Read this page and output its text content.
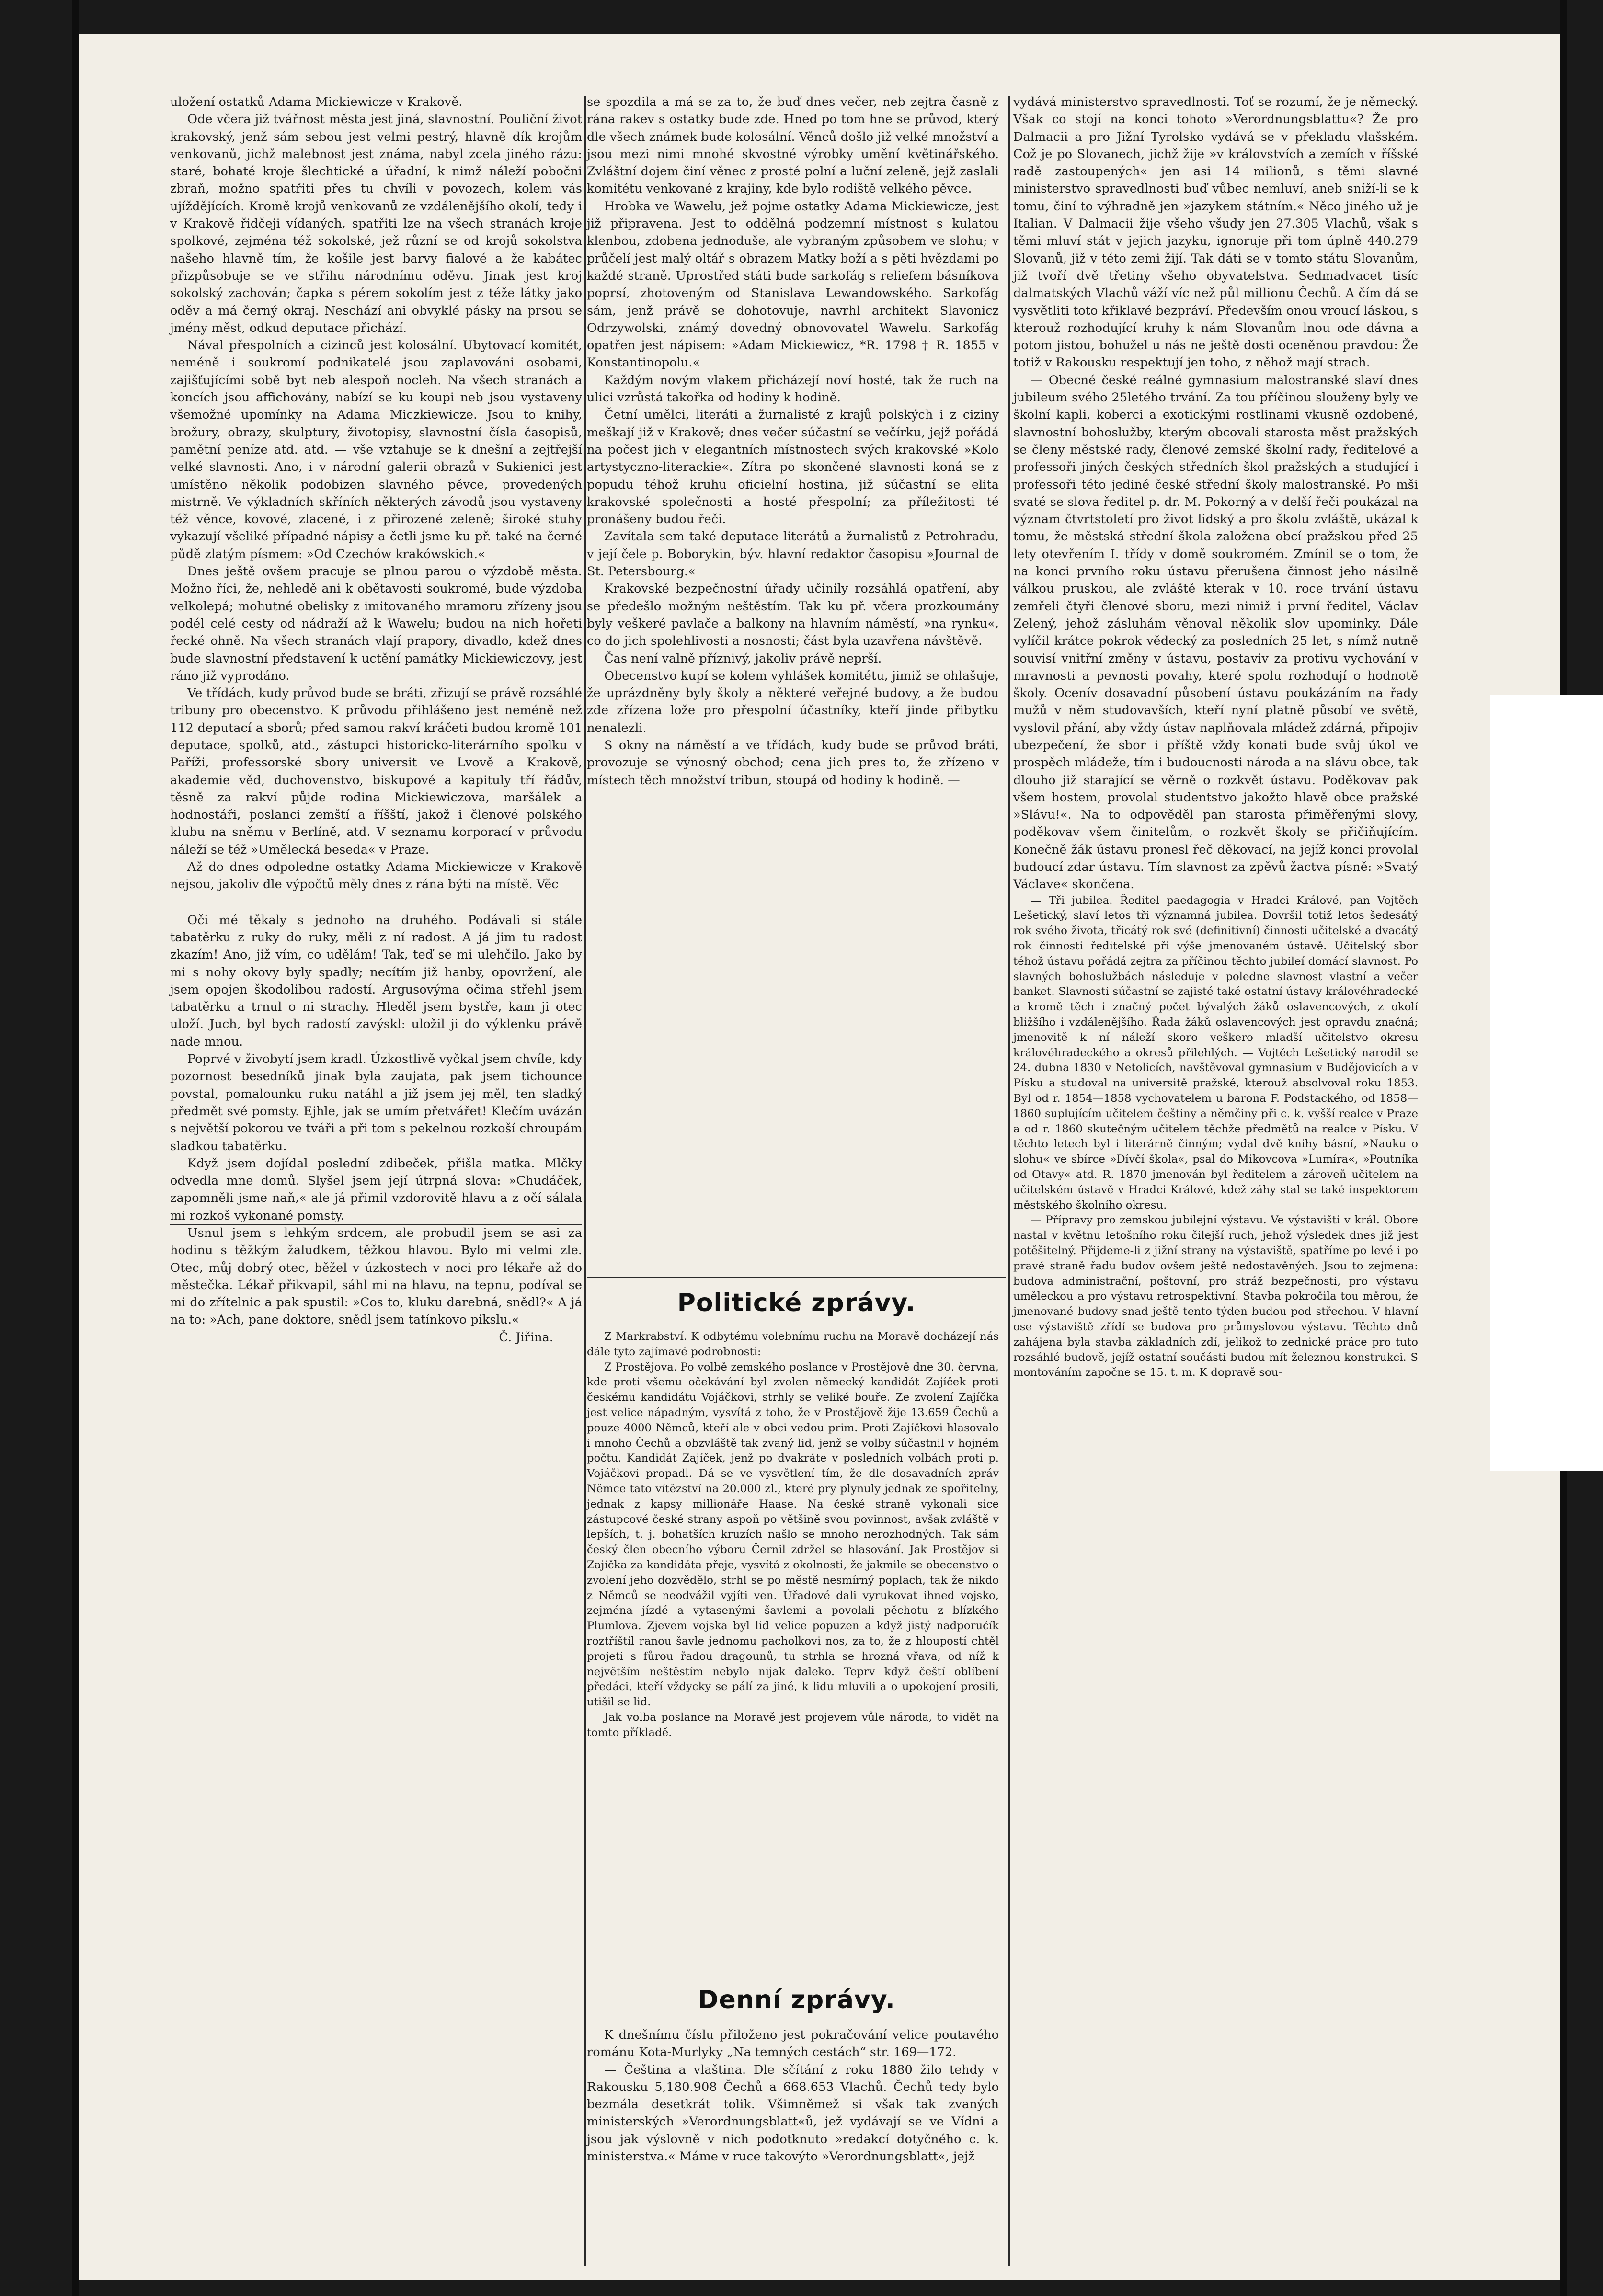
uložení ostatků Adama Mickiewicze v Krakově.

Ode včera již tvářnost města jest jiná, slavnostní. Pouliční život krakovský, jenž sám sebou jest velmi pestrý, hlavně dík krojům venkovanů, jichž malebnost jest známa, nabyl zcela jiného rázu: staré, bohaté kroje šlechtické a úřadní, k nimž náleží pobočni zbraň, možno spatřiti přes tu chvíli v povozech, kolem vás ujíždějících. Kromě krojů venkovanů ze vzdálenějšího okolí, tedy i v Krakově řidčeji vídaných, spatřiti lze na všech stranách kroje spolkové, zejména též sokolské, jež různí se od krojů sokolstva našeho hlavně tím, že košile jest barvy fialové a že kabátec přizpůsobuje se ve střihu národnímu oděvu. Jinak jest kroj sokolský zachován; čapka s pérem sokolím jest z téže látky jako oděv a má černý okraj. Neschází ani obvyklé pásky na prsou se jmény měst, odkud deputace přichází.

Nával přespolních a cizinců jest kolosální. Ubytovací komitét, neméně i soukromí podnikatelé jsou zaplavováni osobami, zajišťujícími sobě byt neb alespoň nocleh. Na všech stranách a koncích jsou affichovány, nabízí se ku koupi neb jsou vystaveny všemožné upomínky na Adama Miczkiewicze. Jsou to knihy, brožury, obrazy, skulptury, životopisy, slavnostní čísla časopisů, pamětní peníze atd. atd. — vše vztahuje se k dnešní a zejtřejší velké slavnosti. Ano, i v národní galerii obrazů v Sukienici jest umístěno několik podobizen slavného pěvce, provedených mistrně. Ve výkladních skříních některých závodů jsou vystaveny též věnce, kovové, zlacené, i z přirozené zeleně; široké stuhy vykazují všeliké případné nápisy a četli jsme ku př. také na černé půdě zlatým písmem: »Od Czechów krakówskich.«

Dnes ještě ovšem pracuje se plnou parou o výzdobě města. Možno říci, že, nehledě ani k obětavosti soukromé, bude výzdoba velkolepá; mohutné obelisky z imitovaného mramoru zřízeny jsou podél celé cesty od nádraží až k Wawelu; budou na nich hořeti řecké ohně. Na všech stranách vlají prapory, divadlo, kdež dnes bude slavnostní představení k uctění památky Mickiewiczovy, jest ráno již vyprodáno.

Ve třídách, kudy průvod bude se bráti, zřizují se právě rozsáhlé tribuny pro obecenstvo. K průvodu přihlášeno jest neméně než 112 deputací a sborů; před samou rakví kráčeti budou kromě 101 deputace, spolků, atd., zástupci historicko-literárního spolku v Paříži, professorské sbory universit ve Lvově a Krakově, akademie věd, duchovenstvo, biskupové a kapituly tří řádův, těsně za rakví půjde rodina Mickiewiczova, maršálek a hodnostáři, poslanci zemští a říšští, jakož i členové polského klubu na sněmu v Berlíně, atd. V seznamu korporací v průvodu náleží se též »Umělecká beseda« v Praze.

Až do dnes odpoledne ostatky Adama Mickiewicze v Krakově nejsou, jakoliv dle výpočtů měly dnes z rána býti na místě. Věc

Oči mé těkaly s jednoho na druhého. Podávali si stále tabatěrku z ruky do ruky, měli z ní radost. A já jim tu radost zkazím! Ano, již vím, co udělám! Tak, teď se mi ulehčilo. Jako by mi s nohy okovy byly spadly; necítím již hanby, opovržení, ale jsem opojen škodolibou radostí. Argusovýma očima střehl jsem tabatěrku a trnul o ni strachy. Hleděl jsem bystře, kam ji otec uloží. Juch, byl bych radostí zavýskl: uložil ji do výklenku právě nade mnou.

Poprvé v živobytí jsem kradl. Úzkostlivě vyčkal jsem chvíle, kdy pozornost besedníků jinak byla zaujata, pak jsem tichounce povstal, pomalounku ruku natáhl a již jsem jej měl, ten sladký předmět své pomsty. Ejhle, jak se umím přetvářet! Klečím uvázán s největší pokorou ve tváři a při tom s pekelnou rozkoší chroupám sladkou tabatěrku.

Když jsem dojídal poslední zdibeček, přišla matka. Mlčky odvedla mne domů. Slyšel jsem její útrpná slova: »Chudáček, zapomněli jsme naň,« ale já přimil vzdorovitě hlavu a z očí sálala mi rozkoš vykonané pomsty.

Usnul jsem s lehkým srdcem, ale probudil jsem se asi za hodinu s těžkým žaludkem, těžkou hlavou. Bylo mi velmi zle. Otec, můj dobrý otec, běžel v úzkostech v noci pro lékaře až do městečka. Lékař přikvapil, sáhl mi na hlavu, na tepnu, podíval se mi do zřítelnic a pak spustil: »Cos to, kluku darebná, snědl?« A já na to: »Ach, pane doktore, snědl jsem tatínkovo pikslu.«

Č. Jiřina.

se spozdila a má se za to, že buď dnes večer, neb zejtra časně z rána rakev s ostatky bude zde. Hned po tom hne se průvod, který dle všech známek bude kolosální. Věnců došlo již velké množství a jsou mezi nimi mnohé skvostné výrobky umění květinářského. Zvláštní dojem činí věnec z prosté polní a luční zeleně, jejž zaslali komitétu venkované z krajiny, kde bylo rodiště velkého pěvce.

Hrobka ve Wawelu, jež pojme ostatky Adama Mickiewicze, jest již připravena. Jest to oddělná podzemní místnost s kulatou klenbou, zdobena jednoduše, ale vybraným způsobem ve slohu; v průčelí jest malý oltář s obrazem Matky boží a s pěti hvězdami po každé straně. Uprostřed státi bude sarkofág s reliefem básníkova poprsí, zhotoveným od Stanislava Lewandowského. Sarkofág sám, jenž právě se dohotovuje, navrhl architekt Slavonicz Odrzywolski, známý dovedný obnovovatel Wawelu. Sarkofág opatřen jest nápisem: »Adam Mickiewicz, *R. 1798 † R. 1855 v Konstantinopolu.«

Každým novým vlakem přicházejí noví hosté, tak že ruch na ulici vzrůstá takořka od hodiny k hodině.

Četní umělci, literáti a žurnalisté z krajů polských i z ciziny meškají již v Krakově; dnes večer súčastní se večírku, jejž pořádá na počest jich v elegantních místnostech svých krakovské »Kolo artystyczno-literackie«. Zítra po skončené slavnosti koná se z popudu téhož kruhu oficielní hostina, již súčastní se elita krakovské společnosti a hosté přespolní; za příležitosti té pronášeny budou řeči.

Zavítala sem také deputace literátů a žurnalistů z Petrohradu, v její čele p. Boborykin, býv. hlavní redaktor časopisu »Journal de St. Petersbourg.«

Krakovské bezpečnostní úřady učinily rozsáhlá opatření, aby se předešlo možným neštěstím. Tak ku př. včera prozkoumány byly veškeré pavlače a balkony na hlavním náměstí, »na rynku«, co do jich spolehlivosti a nosnosti; část byla uzavřena návštěvě.

Čas není valně příznivý, jakoliv právě neprší.

Obecenstvo kupí se kolem vyhlášek komitétu, jimiž se ohlašuje, že uprázdněny byly školy a některé veřejné budovy, a že budou zde zřízena lože pro přespolní účastníky, kteří jinde přibytku nenalezli.

S okny na náměstí a ve třídách, kudy bude se průvod bráti, provozuje se výnosný obchod; cena jich pres to, že zřízeno v místech těch množství tribun, stoupá od hodiny k hodině. —

Politické zprávy.

Z Markrabství. K odbytému volebnímu ruchu na Moravě docházejí nás dále tyto zajímavé podrobnosti:

Z Prostějova. Po volbě zemského poslance v Prostějově dne 30. června, kde proti všemu očekávání byl zvolen německý kandidát Zajíček proti českému kandidátu Vojáčkovi, strhly se veliké bouře. Ze zvolení Zajíčka jest velice nápadným, vysvítá z toho, že v Prostějově žije 13.659 Čechů a pouze 4000 Němců, kteří ale v obci vedou prim. Proti Zajíčkovi hlasovalo i mnoho Čechů a obzvláště tak zvaný lid, jenž se volby súčastnil v hojném počtu. Kandidát Zajíček, jenž po dvakráte v posledních volbách proti p. Vojáčkovi propadl. Dá se ve vysvětlení tím, že dle dosavadních zpráv Němce tato vítězství na 20.000 zl., které pry plynuly jednak ze spořitelny, jednak z kapsy millionáře Haase. Na české straně vykonali sice zástupcové české strany aspoň po většině svou povinnost, avšak zvláště v lepších, t. j. bohatších kruzích našlo se mnoho nerozhodných. Tak sám český člen obecního výboru Černil zdržel se hlasování. Jak Prostějov si Zajíčka za kandidáta přeje, vysvítá z okolnosti, že jakmile se obecenstvo o zvolení jeho dozvědělo, strhl se po městě nesmírný poplach, tak že nikdo z Němců se neodvážil vyjíti ven. Úřadové dali vyrukovat ihned vojsko, zejména jízdé a vytasenými šavlemi a povolali pěchotu z blízkého Plumlova. Zjevem vojska byl lid velice popuzen a když jistý nadporučík roztříštil ranou šavle jednomu pacholkovi nos, za to, že z hloupostí chtěl projeti s fůrou řadou dragounů, tu strhla se hrozná vřava, od níž k největším neštěstím nebylo nijak daleko. Teprv když čeští oblíbení předáci, kteří vždycky se pálí za jiné, k lidu mluvili a o upokojení prosili, utišil se lid.

Jak volba poslance na Moravě jest projevem vůle národa, to vidět na tomto příkladě.

Denní zprávy.

K dnešnímu číslu přiloženo jest pokračování velice poutavého románu Kota-Murlyky „Na temných cestách“ str. 169—172.

— Čeština a vlaština. Dle sčítání z roku 1880 žilo tehdy v Rakousku 5,180.908 Čechů a 668.653 Vlachů. Čechů tedy bylo bezmála desetkrát tolik. Všimněmež si však tak zvaných ministerských »Verordnungsblatt«ů, jež vydávají se ve Vídni a jsou jak výslovně v nich podotknuto »redakcí dotyčného c. k. ministerstva.« Máme v ruce takovýto »Verordnungsblatt«, jejž

vydává ministerstvo spravedlnosti. Toť se rozumí, že je německý. Však co stojí na konci tohoto »Verordnungsblattu«? Že pro Dalmacii a pro Jižní Tyrolsko vydává se v překladu vlašském. Což je po Slovanech, jichž žije »v královstvích a zemích v říšské radě zastoupených« jen asi 14 milionů, s těmi slavné ministerstvo spravedlnosti buď vůbec nemluví, aneb sníží-li se k tomu, činí to výhradně jen »jazykem státním.« Něco jiného už je Italian. V Dalmacii žije všeho všudy jen 27.305 Vlachů, však s těmi mluví stát v jejich jazyku, ignoruje při tom úplně 440.279 Slovanů, již v této zemi žijí. Tak dáti se v tomto státu Slovanům, již tvoří dvě třetiny všeho obyvatelstva. Sedmadvacet tisíc dalmatských Vlachů váží víc než půl millionu Čechů. A čím dá se vysvětliti toto křiklavé bezpráví. Především onou vroucí láskou, s kterouž rozhodující kruhy k nám Slovanům lnou ode dávna a potom jistou, bohužel u nás ne ještě dosti oceněnou pravdou: Že totiž v Rakousku respektují jen toho, z něhož mají strach.

— Obecné české reálné gymnasium malostranské slaví dnes jubileum svého 25letého trvání. Za tou příčinou slouženy byly ve školní kapli, koberci a exotickými rostlinami vkusně ozdobené, slavnostní bohoslužby, kterým obcovali starosta měst pražských se členy městské rady, členové zemské školní rady, ředitelové a professoři jiných českých středních škol pražských a studující i professoři této jediné české střední školy malostranské. Po mši svaté se slova ředitel p. dr. M. Pokorný a v delší řeči poukázal na význam čtvrtstoletí pro život lidský a pro školu zvláště, ukázal k tomu, že městská střední škola založena obcí pražskou před 25 lety otevřením I. třídy v domě soukromém. Zmínil se o tom, že na konci prvního roku ústavu přerušena činnost jeho násilně válkou pruskou, ale zvláště kterak v 10. roce trvání ústavu zemřeli čtyři členové sboru, mezi nimiž i první ředitel, Václav Zelený, jehož zásluhám věnoval několik slov upominky. Dále vylíčil krátce pokrok vědecký za posledních 25 let, s nímž nutně souvisí vnitřní změny v ústavu, postaviv za protivu vychování v mravnosti a pevnosti povahy, které spolu rozhodují o hodnotě školy. Ocenív dosavadní působení ústavu poukázáním na řady mužů v něm studovavších, kteří nyní platně působí ve světě, vyslovil přání, aby vždy ústav naplňovala mládež zdárná, připojiv ubezpečení, že sbor i příště vždy konati bude svůj úkol ve prospěch mládeže, tím i budoucnosti národa a na slávu obce, tak dlouho již starající se věrně o rozkvět ústavu. Poděkovav pak všem hostem, provolal studentstvo jakožto hlavě obce pražské »Slávu!«. Na to odpověděl pan starosta přiměřenými slovy, poděkovav všem činitelům, o rozkvět školy se přičiňujícím. Konečně žák ústavu pronesl řeč děkovací, na jejíž konci provolal budoucí zdar ústavu. Tím slavnost za zpěvů žactva písně: »Svatý Václave« skončena.

— Tři jubilea. Ředitel paedagogia v Hradci Králové, pan Vojtěch Lešetický, slaví letos tři významná jubilea. Dovršil totiž letos šedesátý rok svého života, třicátý rok své (definitivní) činnosti učitelské a dvacátý rok činnosti ředitelské při výše jmenovaném ústavě. Učitelský sbor téhož ústavu pořádá zejtra za příčinou těchto jubileí domácí slavnost. Po slavných bohoslužbách následuje v poledne slavnost vlastní a večer banket. Slavnosti súčastní se zajisté také ostatní ústavy královéhradecké a kromě těch i značný počet bývalých žáků oslavencových, z okolí bližšího i vzdálenějšího. Řada žáků oslavencových jest opravdu značná; jmenovitě k ní náleží skoro veškero mladší učitelstvo okresu královéhradeckého a okresů přilehlých. — Vojtěch Lešetický narodil se 24. dubna 1830 v Netolicích, navštěvoval gymnasium v Budějovicích a v Písku a studoval na universitě pražské, kterouž absolvoval roku 1853. Byl od r. 1854—1858 vychovatelem u barona F. Podstackého, od 1858—1860 suplujícím učitelem češtiny a němčiny při c. k. vyšší realce v Praze a od r. 1860 skutečným učitelem těchže předmětů na realce v Písku. V těchto letech byl i literárně činným; vydal dvě knihy básní, »Nauku o slohu« ve sbírce »Dívčí škola«, psal do Mikovcova »Lumíra«, »Poutníka od Otavy« atd. R. 1870 jmenován byl ředitelem a zároveň učitelem na učitelském ústavě v Hradci Králové, kdež záhy stal se také inspektorem městského školního okresu.

— Přípravy pro zemskou jubilejní výstavu. Ve výstavišti v král. Obore nastal v květnu letošního roku čilejší ruch, jehož výsledek dnes již jest potěšitelný. Přijdeme-li z jižní strany na výstaviště, spatříme po levé i po pravé straně řadu budov ovšem ještě nedostavěných. Jsou to zejmena: budova administrační, poštovní, pro stráž bezpečnosti, pro výstavu uměleckou a pro výstavu retrospektivní. Stavba pokročila tou měrou, že jmenované budovy snad ještě tento týden budou pod střechou. V hlavní ose výstaviště zřídí se budova pro průmyslovou výstavu. Těchto dnů zahájena byla stavba základních zdí, jelikož to zednické práce pro tuto rozsáhlé budově, jejíž ostatní součásti budou mít železnou konstrukci. S montováním započne se 15. t. m. K dopravě sou-
